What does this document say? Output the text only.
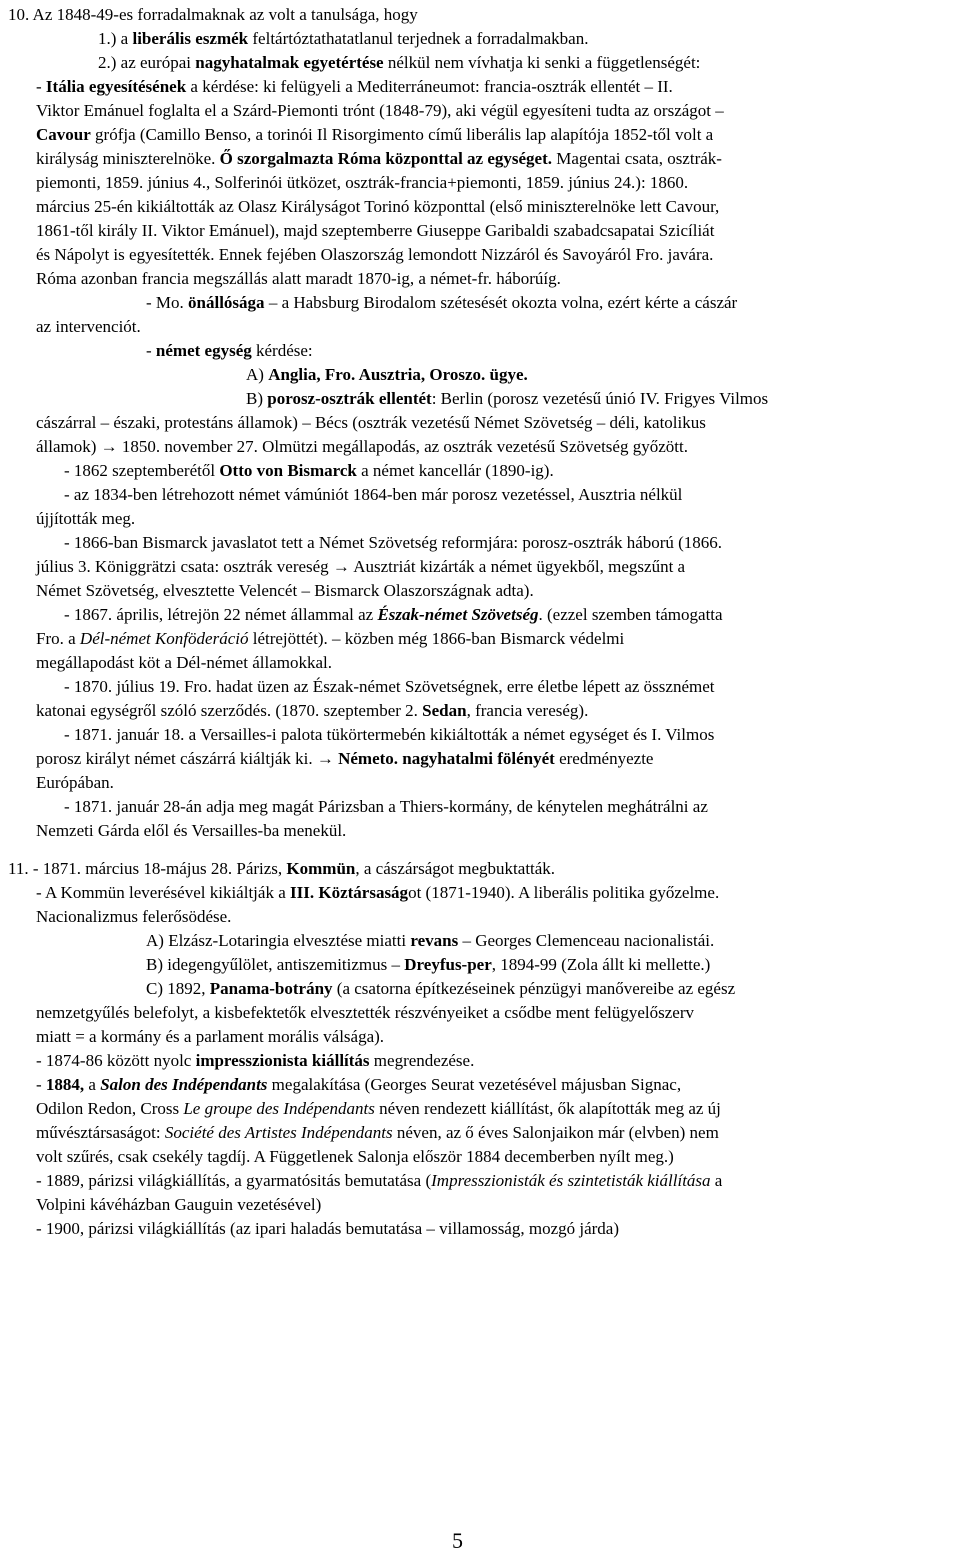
10. Az 1848-49-es forradalmaknak az volt a tanulsága, hogy
1.) a liberális eszmék feltártóztathatatlanul terjednek a forradalmakban.
2.) az európai nagyhatalmak egyetértése nélkül nem vívhatja ki senki a függetlenségét:
- Itália egyesítésének a kérdése: ki felügyeli a Mediterráneumot: francia-osztrák ellentét – II.
Viktor Emánuel foglalta el a Szárd-Piemonti trónt (1848-79), aki végül egyesíteni tudta az országot –
Cavour grófja (Camillo Benso, a torinói Il Risorgimento című liberális lap alapítója 1852-től volt a
királyság miniszterelnöke. Ő szorgalmazta Róma központtal az egységet. Magentai csata, osztrák-
piemonti, 1859. június 4., Solferinói ütközet, osztrák-francia+piemonti, 1859. június 24.): 1860.
március 25-én kikiáltották az Olasz Királyságot Torinó központtal (első miniszterelnöke lett Cavour,
1861-től király II. Viktor Emánuel), majd szeptemberre Giuseppe Garibaldi szabadcsapatai Szicíliát
és Nápolyt is egyesítették. Ennek fejében Olaszország lemondott Nizzáról és Savoyáról Fro. javára.
Róma azonban francia megszállás alatt maradt 1870-ig, a német-fr. háborúíg.
- Mo. önállósága – a Habsburg Birodalom szétesését okozta volna, ezért kérte a cászár
az intervenciót.
- német egység kérdése:
A) Anglia, Fro. Ausztria, Oroszo. ügye.
B) porosz-osztrák ellentét: Berlin (porosz vezetésű únió IV. Frigyes Vilmos
cászárral – északi, protestáns államok) – Bécs (osztrák vezetésű Német Szövetség – déli, katolikus
államok) → 1850. november 27. Olmützi megállapodás, az osztrák vezetésű Szövetség győzött.
- 1862 szeptemberétől Otto von Bismarck a német kancellár (1890-ig).
- az 1834-ben létrehozott német vámúniót 1864-ben már porosz vezetéssel, Ausztria nélkül
újjították meg.
- 1866-ban Bismarck javaslatot tett a Német Szövetség reformjára: porosz-osztrák háború (1866.
július 3. Königgrätzi csata: osztrák vereség → Ausztriát kizárták a német ügyekből, megszűnt a
Német Szövetség, elvesztette Velencét – Bismarck Olaszországnak adta).
- 1867. április, létrejön 22 német állammal az Észak-német Szövetség. (ezzel szemben támogatta
Fro. a Dél-német Konföderáció létrejöttét). – közben még 1866-ban Bismarck védelmi
megállapodást köt a Dél-német államokkal.
- 1870. július 19. Fro. hadat üzen az Észak-német Szövetségnek, erre életbe lépett az össznémet
katonai egységről szóló szerződés. (1870. szeptember 2. Sedan, francia vereség).
- 1871. január 18. a Versailles-i palota tükörtermebén kikiáltották a német egységet és I. Vilmos
porosz királyt német cászárrá kiáltják ki. → Németo. nagyhatalmi fölényét eredményezte
Európában.
- 1871. január 28-án adja meg magát Párizsban a Thiers-kormány, de kénytelen meghátrálni az
Nemzeti Gárda elől és Versailles-ba menekül.
11. - 1871. március 18-május 28. Párizs, Kommün, a cászárságot megbuktatták.
- A Kommün leverésével kikiáltják a III. Köztársaságot (1871-1940). A liberális politika győzelme.
Nacionalizmus felerősödése.
A) Elzász-Lotaringia elvesztése miatti revans – Georges Clemenceau nacionalistái.
B) idegengyűlölet, antiszemitizmus – Dreyfus-per, 1894-99 (Zola állt ki mellette.)
C) 1892, Panama-botrány (a csatorna építkezéseinek pénzügyi manővereibe az egész
nemzetgyűlés belefolyt, a kisbefektetők elvesztették részvényeiket a csődbe ment felügyelőszerv
miatt = a kormány és a parlament morális válsága).
- 1874-86 között nyolc impresszionista kiállítás megrendezése.
- 1884, a Salon des Indépendants megalakítása (Georges Seurat vezetésével májusban Signac,
Odilon Redon, Cross Le groupe des Indépendants néven rendezett kiállítást, ők alapították meg az új
művésztársaságot: Société des Artistes Indépendants néven, az ő éves Salonjaikon már (elvben) nem
volt szűrés, csak csekély tagdíj. A Függetlenek Salonja először 1884 decemberben nyílt meg.)
- 1889, párizsi világkiállítás, a gyarmatósitás bemutatása (Impresszionisták és szintetisták kiállítása a
Volpini kávéházban Gauguin vezetésével)
- 1900, párizsi világkiállítás (az ipari haladás bemutatása – villamosság, mozgó járda)
5
